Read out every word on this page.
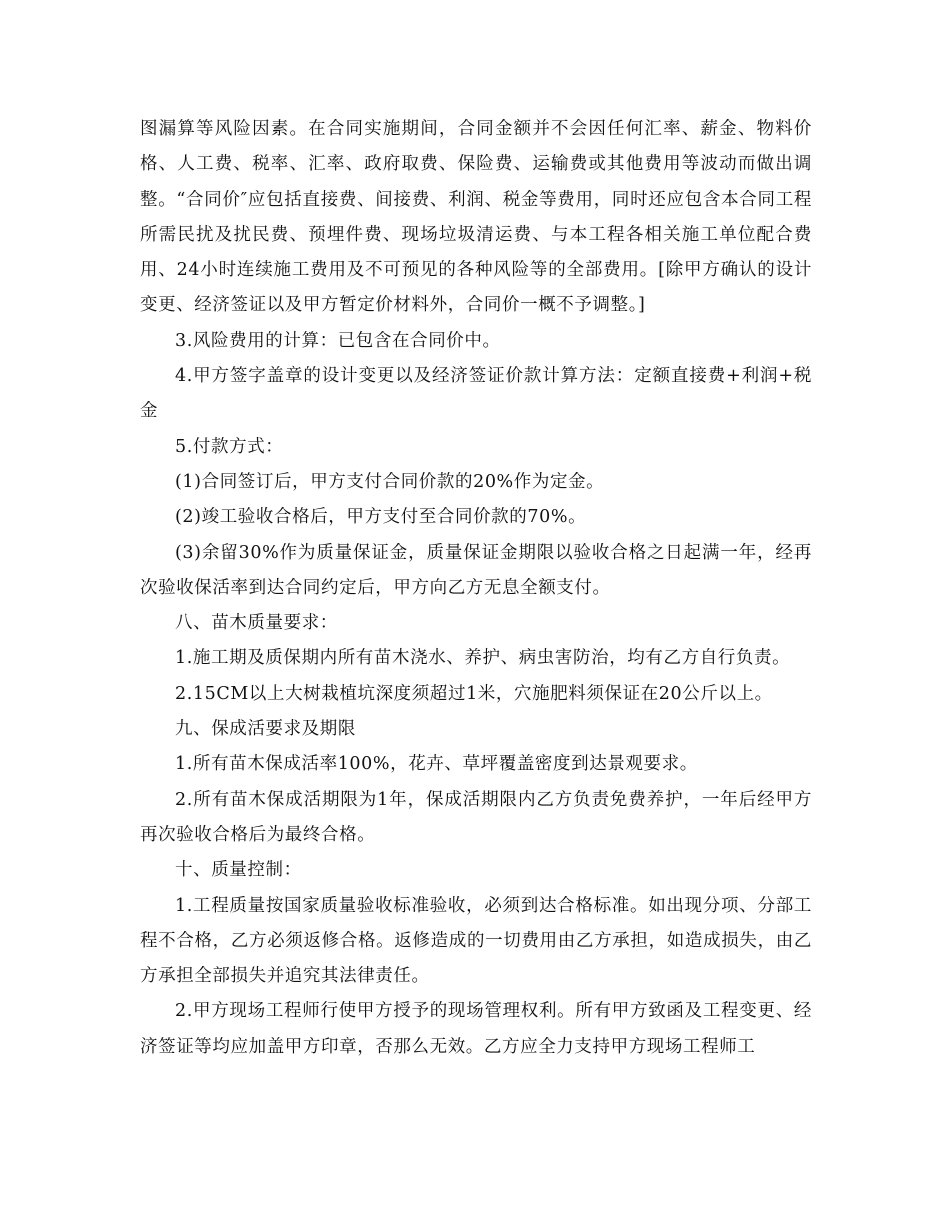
图漏算等风险因素。在合同实施期间，合同金额并不会因任何汇率、薪金、物料价格、人工费、税率、汇率、政府取费、保险费、运输费或其他费用等波动而做出调整。“合同价″应包括直接费、间接费、利润、税金等费用，同时还应包含本合同工程所需民扰及扰民费、预埋件费、现场垃圾清运费、与本工程各相关施工单位配合费用、24小时连续施工费用及不可预见的各种风险等的全部费用。[除甲方确认的设计变更、经济签证以及甲方暂定价材料外，合同价一概不予调整。]

3.风险费用的计算：已包含在合同价中。

4.甲方签字盖章的设计变更以及经济签证价款计算方法：定额直接费+利润+税金

5.付款方式：

(1)合同签订后，甲方支付合同价款的20%作为定金。

(2)竣工验收合格后，甲方支付至合同价款的70%。

(3)余留30%作为质量保证金，质量保证金期限以验收合格之日起满一年，经再次验收保活率到达合同约定后，甲方向乙方无息全额支付。

八、苗木质量要求：

1.施工期及质保期内所有苗木浇水、养护、病虫害防治，均有乙方自行负责。

2.15CM以上大树栽植坑深度须超过1米，穴施肥料须保证在20公斤以上。

九、保成活要求及期限

1.所有苗木保成活率100%，花卉、草坪覆盖密度到达景观要求。

2.所有苗木保成活期限为1年，保成活期限内乙方负责免费养护，一年后经甲方再次验收合格后为最终合格。

十、质量控制：

1.工程质量按国家质量验收标准验收，必须到达合格标准。如出现分项、分部工程不合格，乙方必须返修合格。返修造成的一切费用由乙方承担，如造成损失，由乙方承担全部损失并追究其法律责任。

2.甲方现场工程师行使甲方授予的现场管理权利。所有甲方致函及工程变更、经济签证等均应加盖甲方印章，否那么无效。乙方应全力支持甲方现场工程师工
